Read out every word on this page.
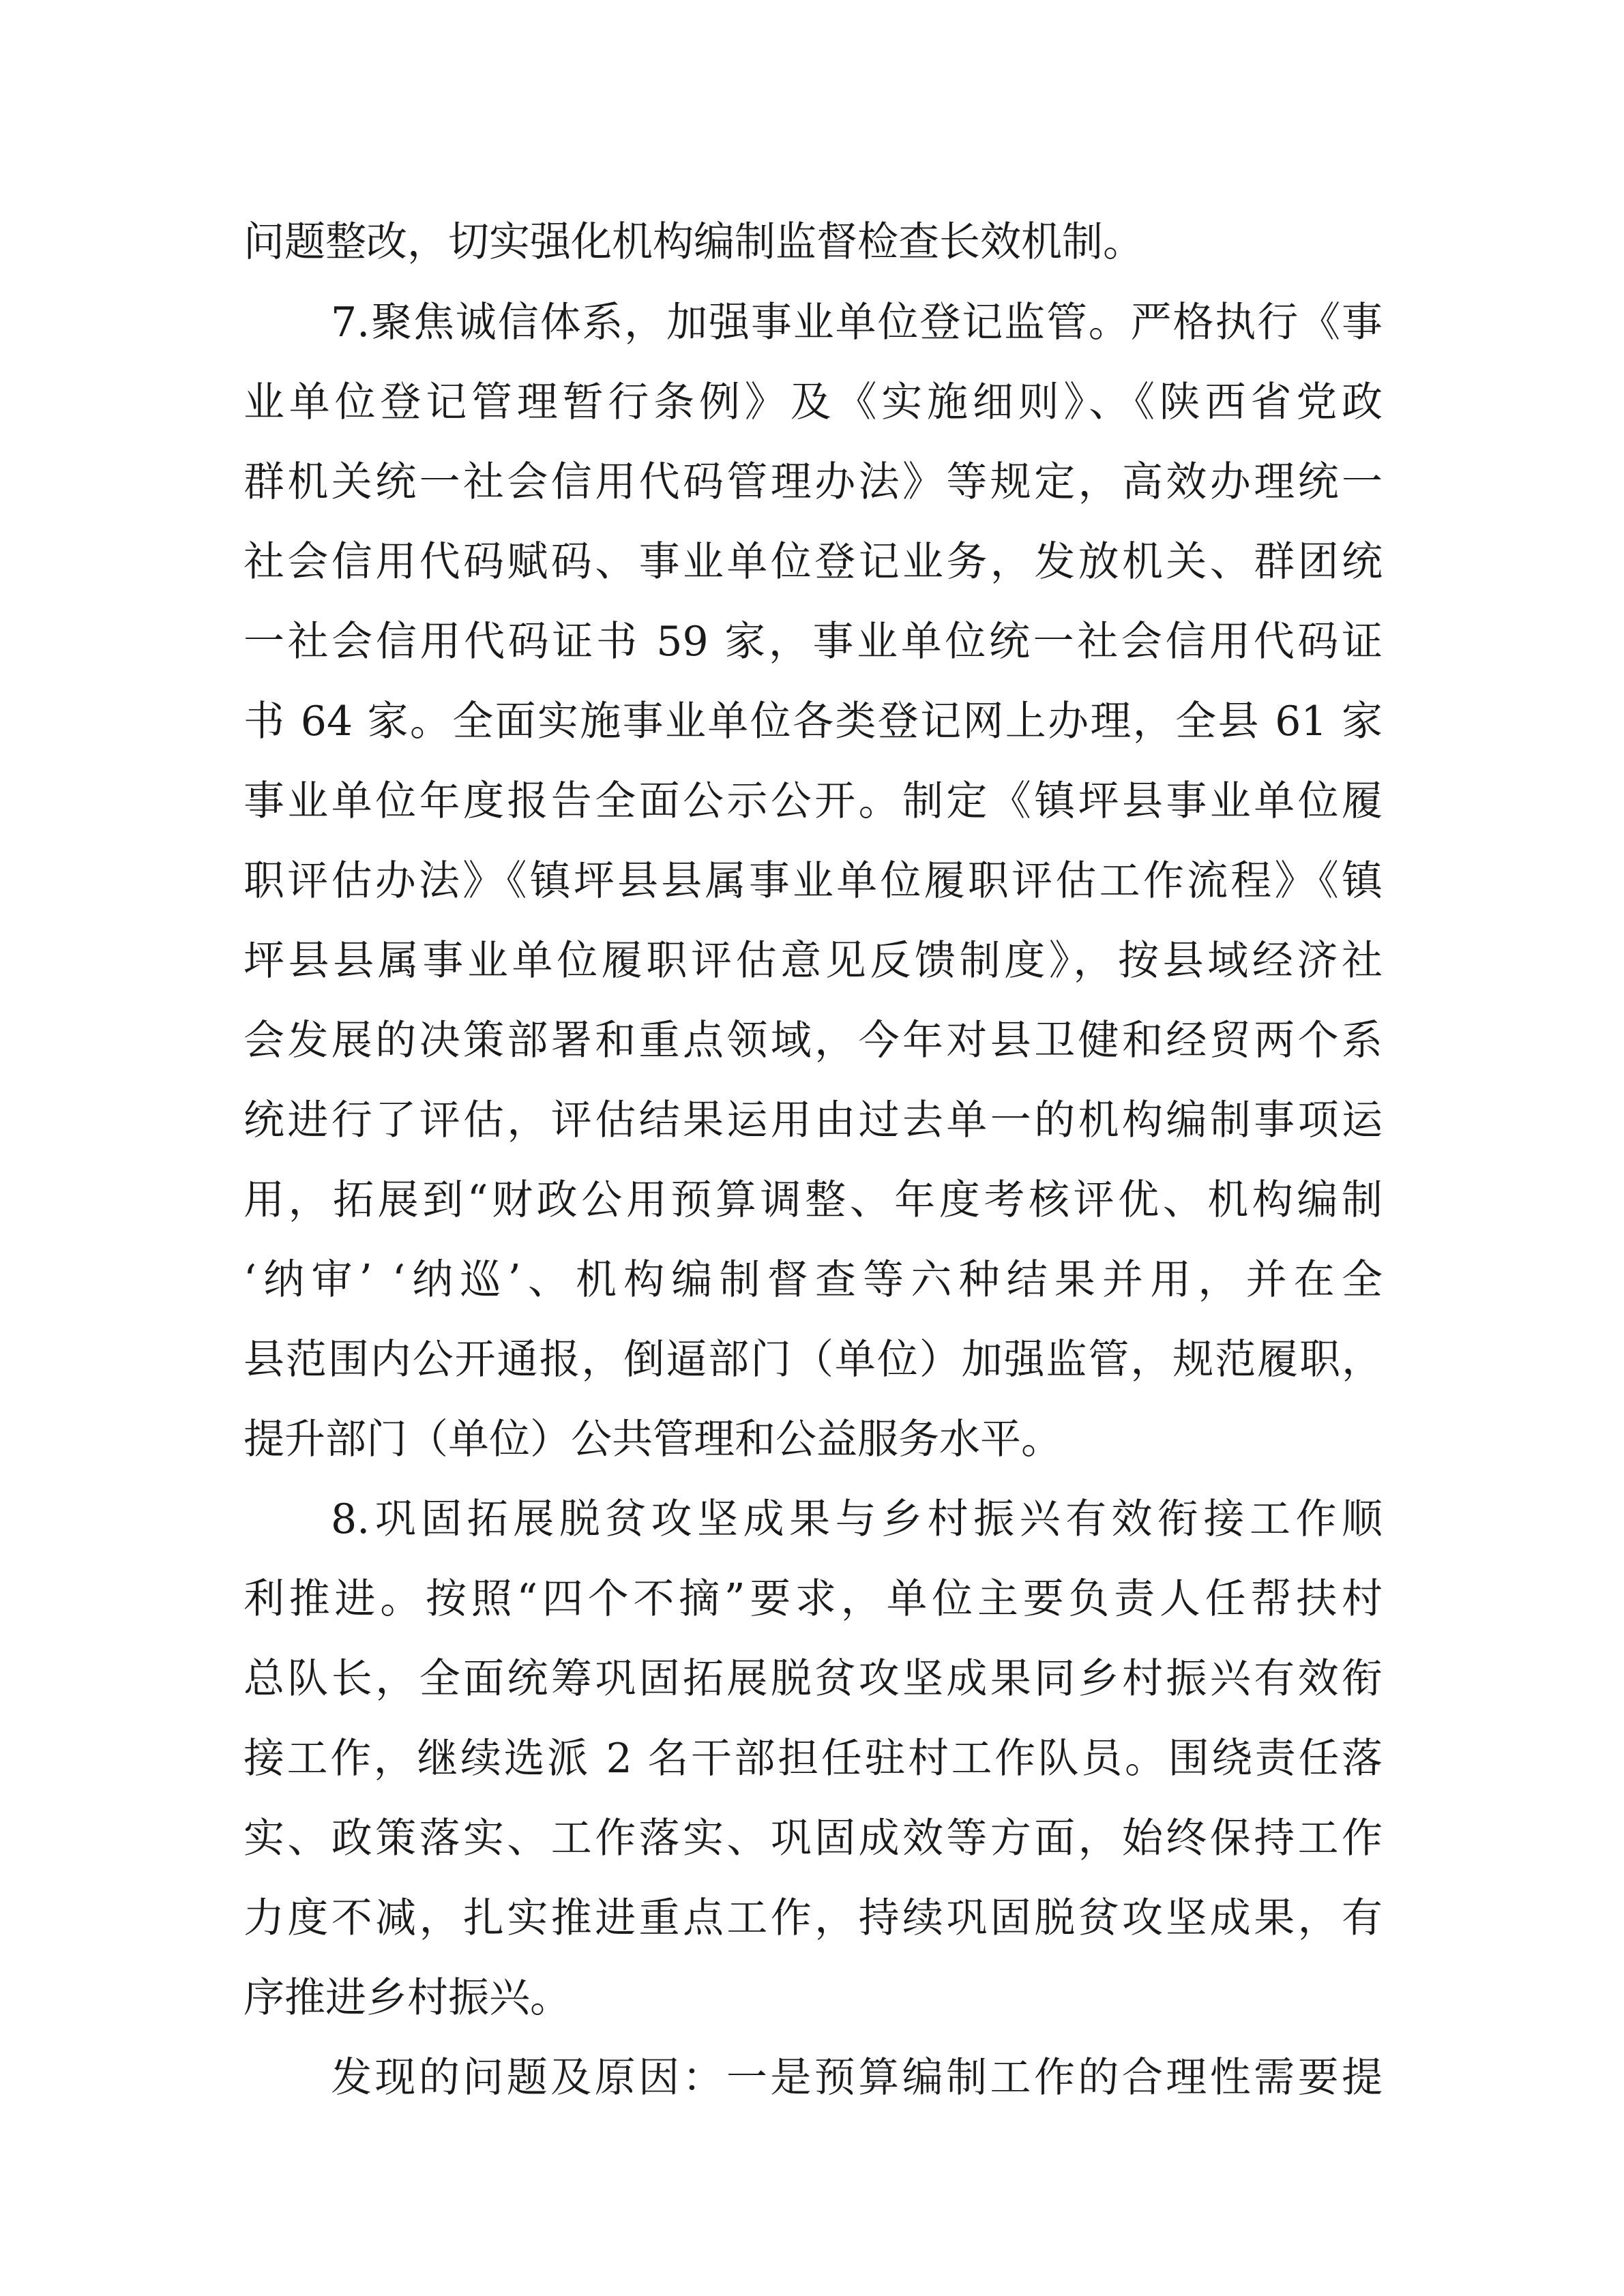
问题整改，切实强化机构编制监督检查长效机制。
7.聚焦诚信体系，加强事业单位登记监管。严格执行《事
业单位登记管理暂行条例》及《实施细则》、《陕西省党政
群机关统一社会信用代码管理办法》等规定，高效办理统一
社会信用代码赋码、事业单位登记业务，发放机关、群团统
一社会信用代码证书 59 家，事业单位统一社会信用代码证
书 64 家。全面实施事业单位各类登记网上办理，全县 61 家
事业单位年度报告全面公示公开。制定《镇坪县事业单位履
职评估办法》《镇坪县县属事业单位履职评估工作流程》《镇
坪县县属事业单位履职评估意见反馈制度》，按县域经济社
会发展的决策部署和重点领域，今年对县卫健和经贸两个系
统进行了评估，评估结果运用由过去单一的机构编制事项运
用，拓展到“财政公用预算调整、年度考核评优、机构编制
‘纳审’ ‘纳巡’、机构编制督查等六种结果并用，并在全
县范围内公开通报，倒逼部门（单位）加强监管，规范履职，
提升部门（单位）公共管理和公益服务水平。
8.巩固拓展脱贫攻坚成果与乡村振兴有效衔接工作顺
利推进。按照“四个不摘”要求，单位主要负责人任帮扶村
总队长，全面统筹巩固拓展脱贫攻坚成果同乡村振兴有效衔
接工作，继续选派 2 名干部担任驻村工作队员。围绕责任落
实、政策落实、工作落实、巩固成效等方面，始终保持工作
力度不减，扎实推进重点工作，持续巩固脱贫攻坚成果，有
序推进乡村振兴。
发现的问题及原因：一是预算编制工作的合理性需要提
